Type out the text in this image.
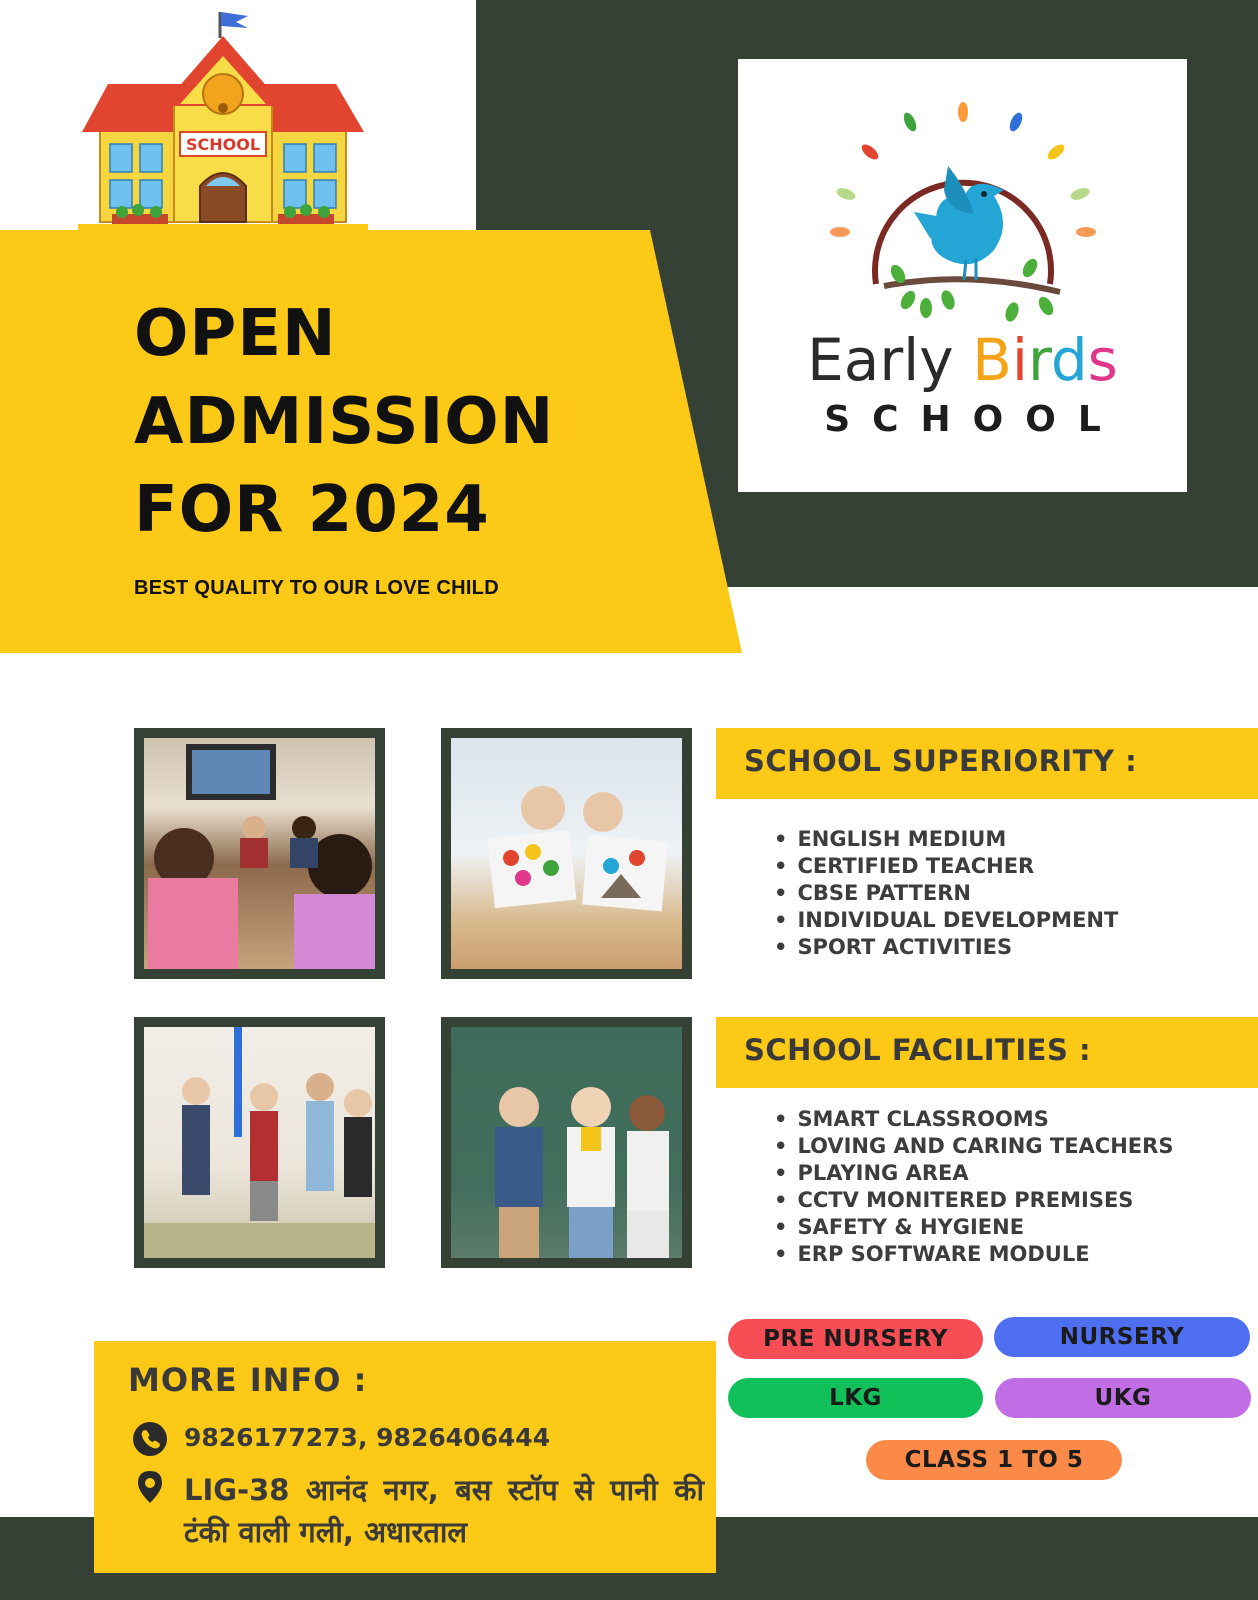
SCHOOL
OPEN
ADMISSION
FOR 2024
BEST QUALITY TO OUR LOVE CHILD
Early Birds
SCHOOL
SCHOOL SUPERIORITY :
• ENGLISH MEDIUM
• CERTIFIED TEACHER
• CBSE PATTERN
• INDIVIDUAL DEVELOPMENT
• SPORT ACTIVITIES
SCHOOL FACILITIES :
• SMART CLASSROOMS
• LOVING AND CARING TEACHERS
• PLAYING AREA
• CCTV MONITERED PREMISES
• SAFETY & HYGIENE
• ERP SOFTWARE MODULE
MORE INFO :
9826177273, 9826406444
LIG-38 आनंद नगर, बस स्टॉप से पानी की टंकी वाली गली, अधारताल
PRE NURSERY	NURSERY
LKG	UKG
CLASS 1 TO 5
